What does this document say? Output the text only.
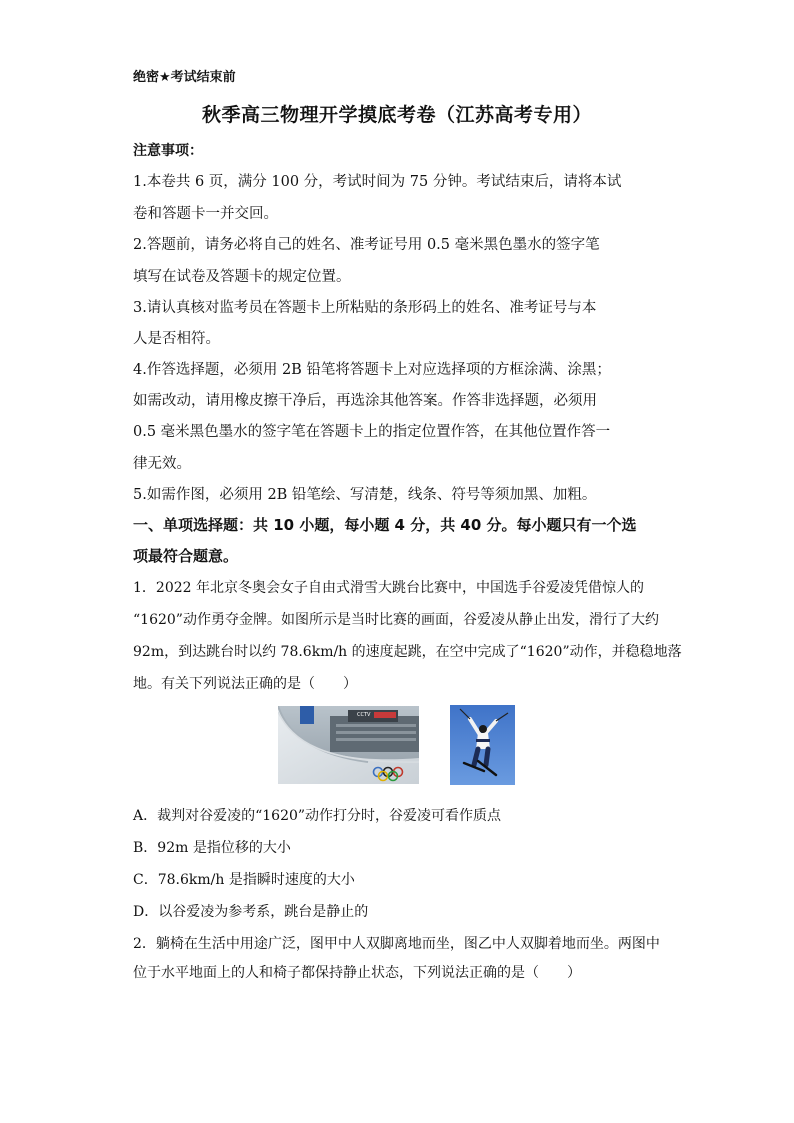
绝密★考试结束前
秋季高三物理开学摸底考卷（江苏高考专用）
注意事项：
1.本卷共 6 页，满分 100 分，考试时间为 75 分钟。考试结束后，请将本试
卷和答题卡一并交回。
2.答题前，请务必将自己的姓名、准考证号用 0.5 毫米黑色墨水的签字笔
填写在试卷及答题卡的规定位置。
3.请认真核对监考员在答题卡上所粘贴的条形码上的姓名、准考证号与本
人是否相符。
4.作答选择题，必须用 2B 铅笔将答题卡上对应选择项的方框涂满、涂黑；
如需改动，请用橡皮擦干净后，再选涂其他答案。作答非选择题，必须用
0.5 毫米黑色墨水的签字笔在答题卡上的指定位置作答，在其他位置作答一
律无效。
5.如需作图，必须用 2B 铅笔绘、写清楚，线条、符号等须加黑、加粗。
一、单项选择题：共 10 小题，每小题 4 分，共 40 分。每小题只有一个选
项最符合题意。
1．2022 年北京冬奥会女子自由式滑雪大跳台比赛中，中国选手谷爱凌凭借惊人的
“1620”动作勇夺金牌。如图所示是当时比赛的画面，谷爱凌从静止出发，滑行了大约
92m，到达跳台时以约 78.6km/h 的速度起跳，在空中完成了“1620”动作，并稳稳地落
地。有关下列说法正确的是（　　）
CCTV
A．裁判对谷爱凌的“1620”动作打分时，谷爱凌可看作质点
B．92m 是指位移的大小
C．78.6km/h 是指瞬时速度的大小
D．以谷爱凌为参考系，跳台是静止的
2．躺椅在生活中用途广泛，图甲中人双脚离地而坐，图乙中人双脚着地而坐。两图中
位于水平地面上的人和椅子都保持静止状态，下列说法正确的是（　　）
